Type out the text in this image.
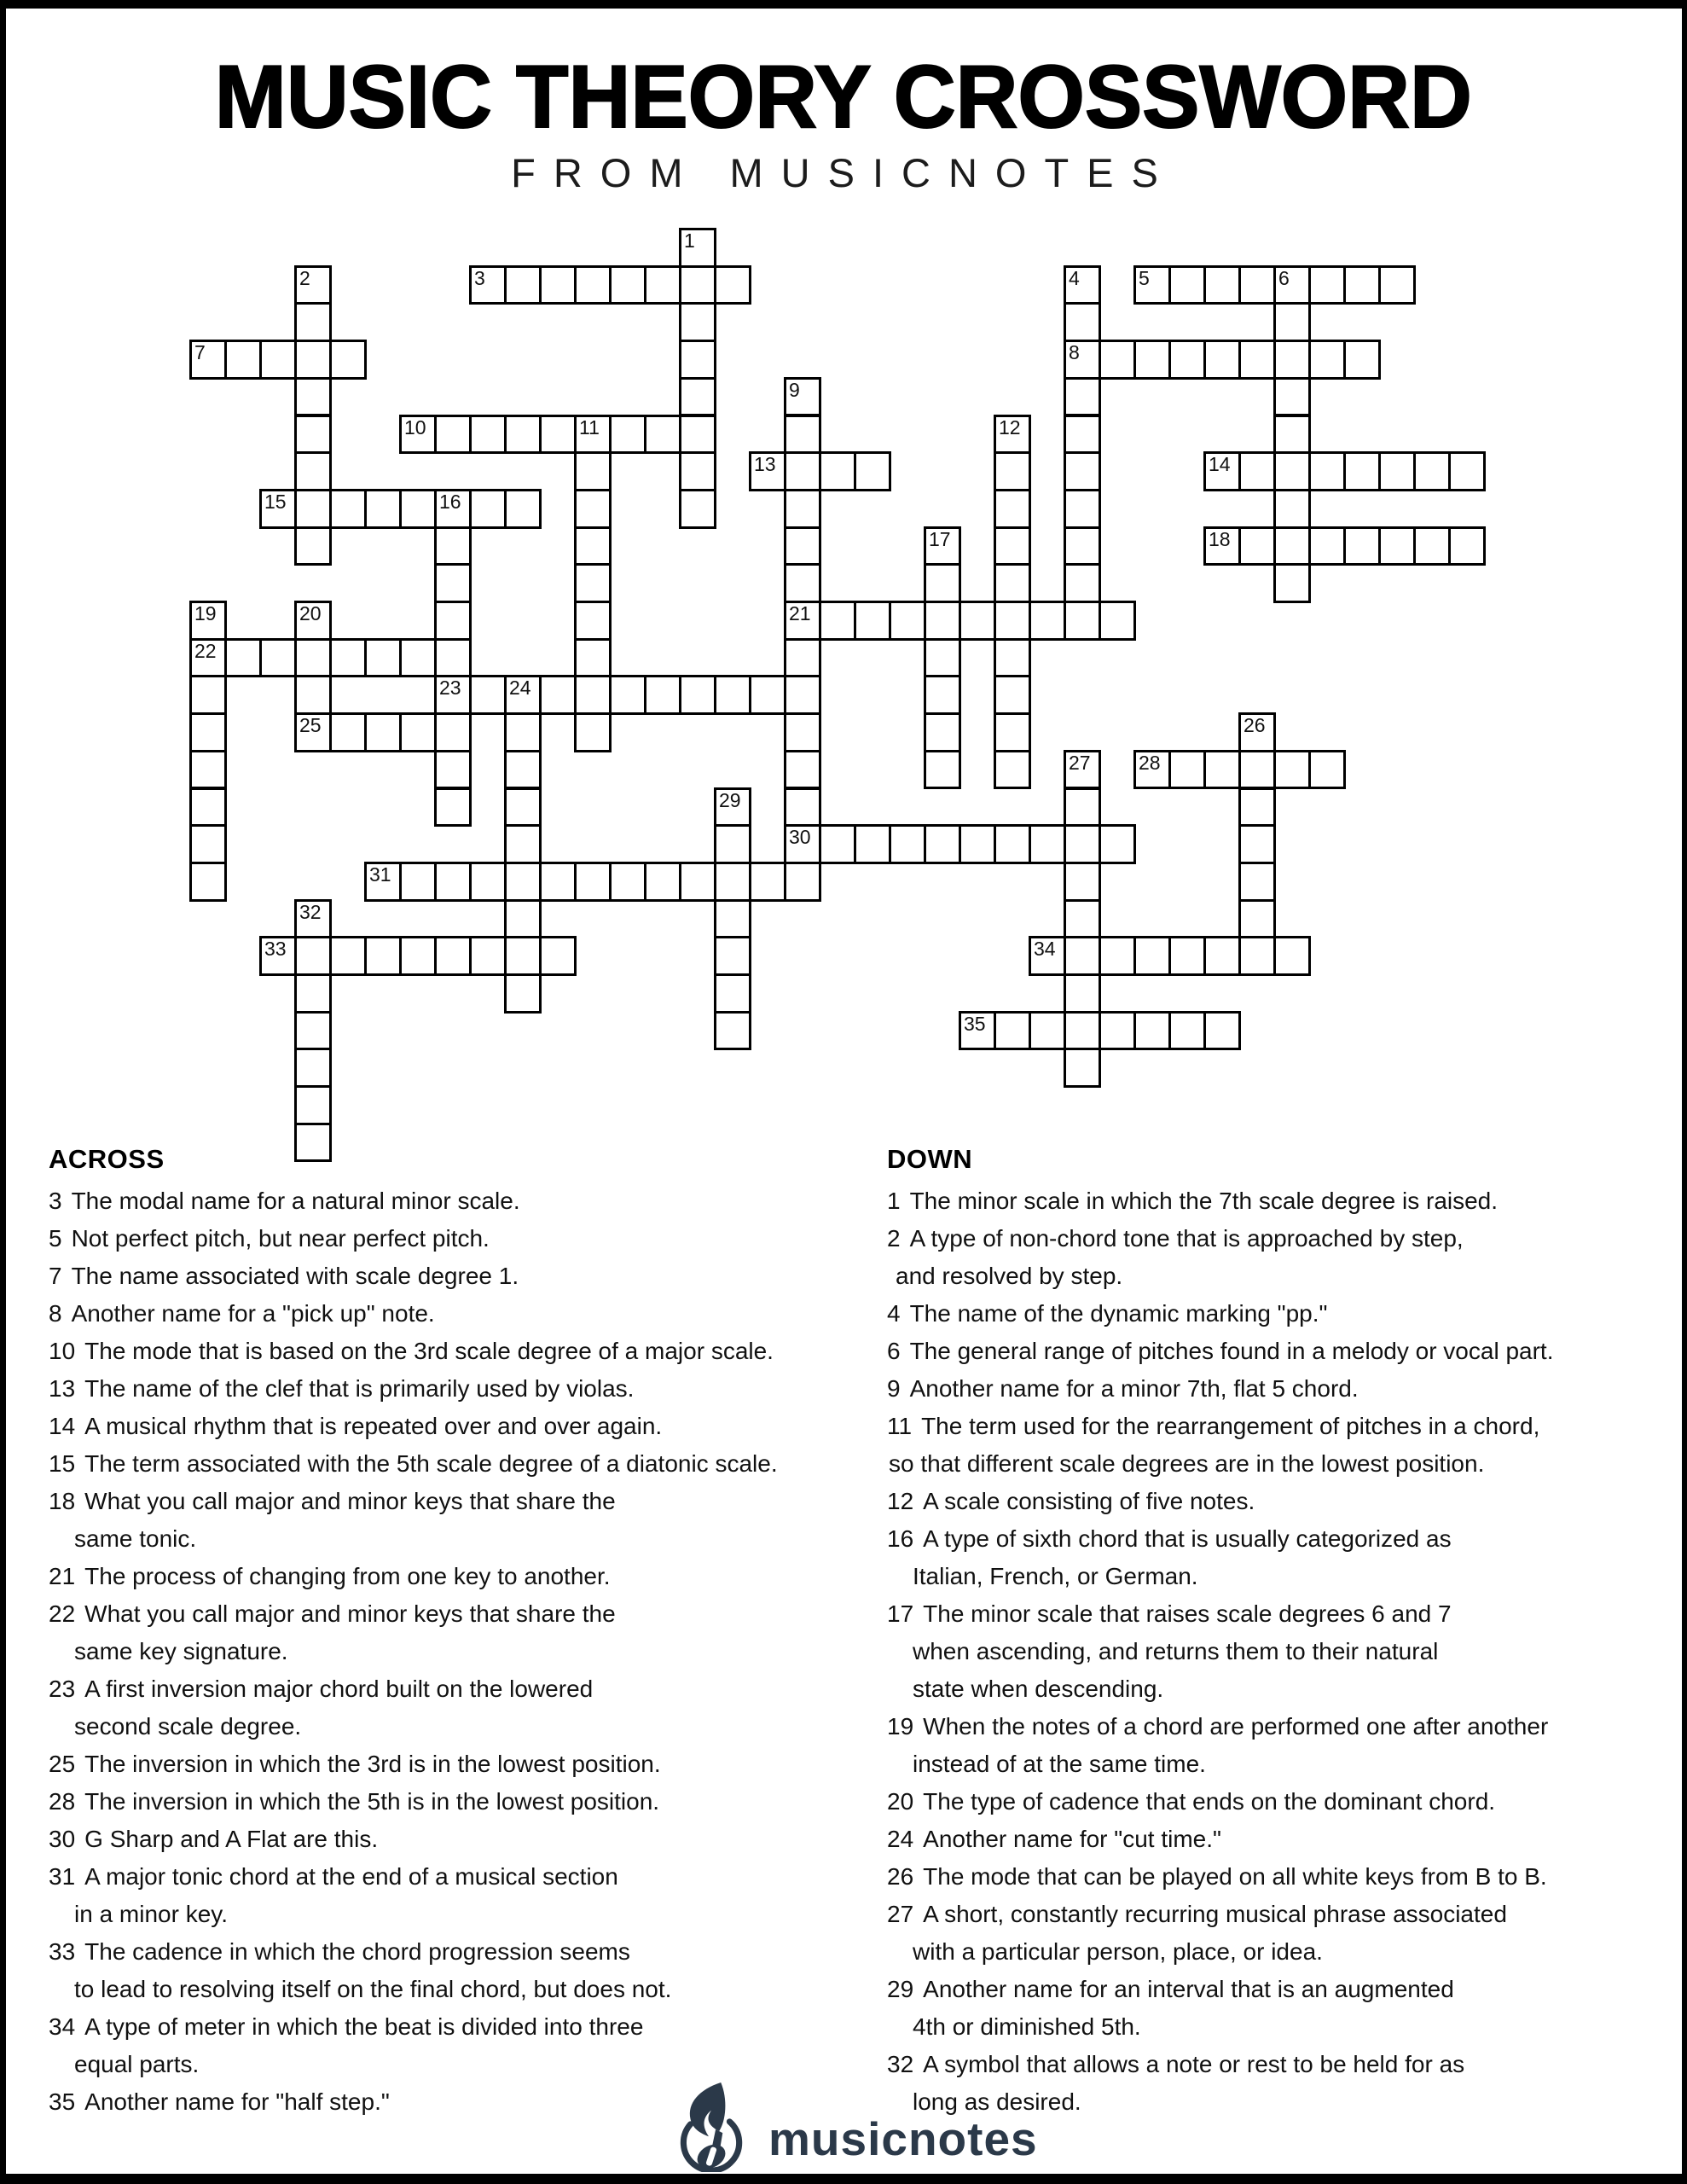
MUSIC THEORY CROSSWORD
FROM MUSICNOTES
1
2	3	4
8
5	6
7
9
21
30
10	11	12
13	14
15	16
23
17	18
19
22
20
25
24
26
27 28
29
31
32
33	34
35
ACROSS
3 The modal name for a natural minor scale.
5 Not perfect pitch, but near perfect pitch.
7 The name associated with scale degree 1.
8 Another name for a "pick up" note.
10 The mode that is based on the 3rd scale degree of a major scale.
13 The name of the clef that is primarily used by violas.
14 A musical rhythm that is repeated over and over again.
15 The term associated with the 5th scale degree of a diatonic scale.
18 What you call major and minor keys that share the
same tonic.
21 The process of changing from one key to another.
22 What you call major and minor keys that share the
same key signature.
23 A first inversion major chord built on the lowered
second scale degree.
25 The inversion in which the 3rd is in the lowest position.
28 The inversion in which the 5th is in the lowest position.
30 G Sharp and A Flat are this.
31 A major tonic chord at the end of a musical section
in a minor key.
33 The cadence in which the chord progression seems
to lead to resolving itself on the final chord, but does not.
34 A type of meter in which the beat is divided into three
equal parts.
35 Another name for "half step."
DOWN
1 The minor scale in which the 7th scale degree is raised.
2 A type of non-chord tone that is approached by step,
and resolved by step.
4 The name of the dynamic marking "pp."
6 The general range of pitches found in a melody or vocal part.
9 Another name for a minor 7th, flat 5 chord.
11 The term used for the rearrangement of pitches in a chord,
so that different scale degrees are in the lowest position.
12 A scale consisting of five notes.
16 A type of sixth chord that is usually categorized as
Italian, French, or German.
17 The minor scale that raises scale degrees 6 and 7
when ascending, and returns them to their natural
state when descending.
19 When the notes of a chord are performed one after another
instead of at the same time.
20 The type of cadence that ends on the dominant chord.
24 Another name for "cut time."
26 The mode that can be played on all white keys from B to B.
27 A short, constantly recurring musical phrase associated
with a particular person, place, or idea.
29 Another name for an interval that is an augmented
4th or diminished 5th.
32 A symbol that allows a note or rest to be held for as
long as desired.
musicnotes
